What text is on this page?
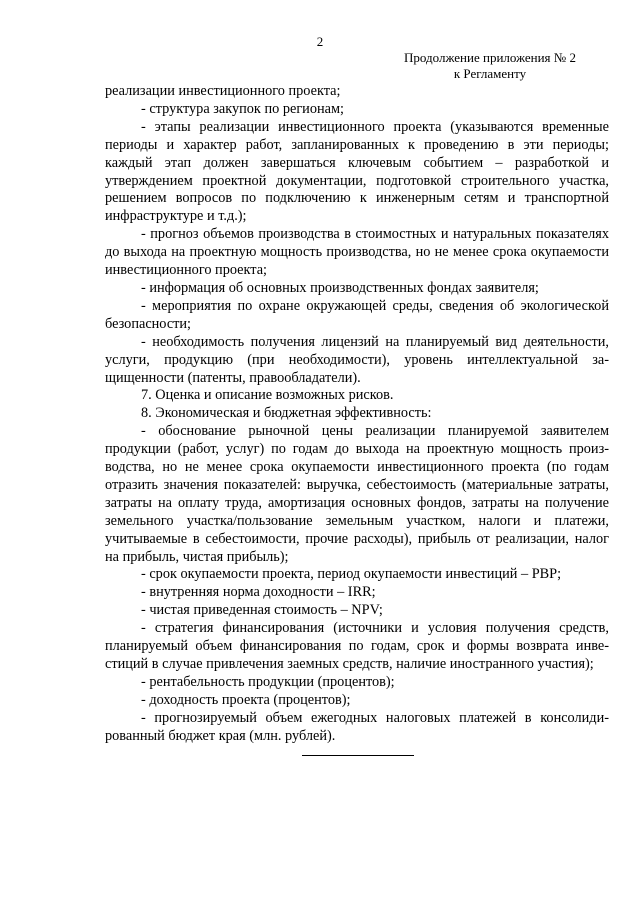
2
Продолжение приложения № 2
к Регламенту

реализации инвестиционного проекта;

- структура закупок по регионам;

- этапы реализации инвестиционного проекта (указываются временные периоды и характер работ, запланированных к проведению в эти периоды; каждый этап должен завершаться ключевым событием – разработкой и утверждением проектной документации, подготовкой строительного участка, решением вопросов по подключению к инженерным сетям и транспортной инфраструктуре и т.д.);

- прогноз объемов производства в стоимостных и натуральных показателях до выхода на проектную мощность производства, но не менее срока окупаемости инвестиционного проекта;

- информация об основных производственных фондах заявителя;

- мероприятия по охране окружающей среды, сведения об экологической безопасности;

- необходимость получения лицензий на планируемый вид деятельности, услуги, продукцию (при необходимости), уровень интеллектуальной защищенности (патенты, правообладатели).

7. Оценка и описание возможных рисков.

8. Экономическая и бюджетная эффективность:

- обоснование рыночной цены реализации планируемой заявителем продукции (работ, услуг) по годам до выхода на проектную мощность производства, но не менее срока окупаемости инвестиционного проекта (по годам отразить значения показателей: выручка, себестоимость (материальные затраты, затраты на оплату труда, амортизация основных фондов, затраты на получение земельного участка/пользование земельным участком, налоги и платежи, учитываемые в себестоимости, прочие расходы), прибыль от реализации, налог на прибыль, чистая прибыль);

- срок окупаемости проекта, период окупаемости инвестиций – PBP;

- внутренняя норма доходности – IRR;

- чистая приведенная стоимость – NPV;

- стратегия финансирования (источники и условия получения средств, планируемый объем финансирования по годам, срок и формы возврата инвестиций в случае привлечения заемных средств, наличие иностранного участия);

- рентабельность продукции (процентов);

- доходность проекта (процентов);

- прогнозируемый объем ежегодных налоговых платежей в консолидированный бюджет края (млн. рублей).
